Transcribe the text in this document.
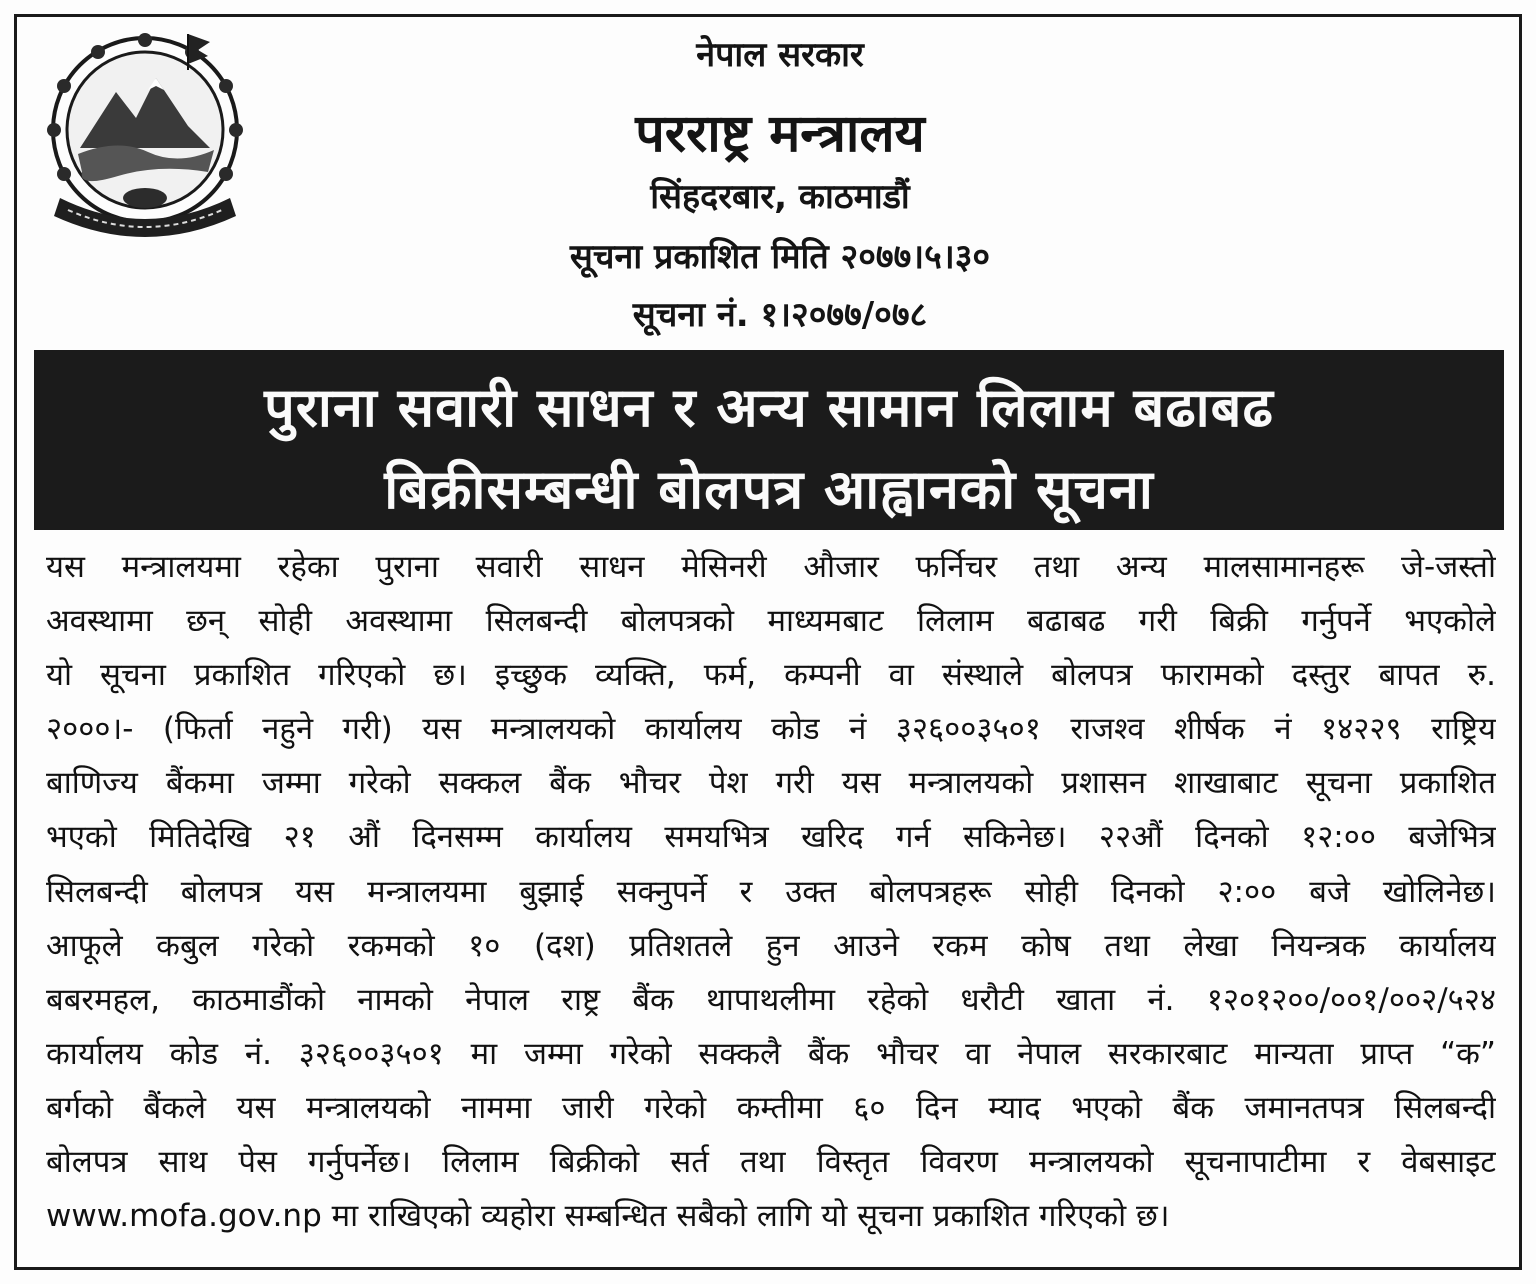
नेपाल सरकार
परराष्ट्र मन्त्रालय
सिंहदरबार, काठमाडौं
सूचना प्रकाशित मिति २०७७।५।३०
सूचना नं. १।२०७७/०७८
पुराना सवारी साधन र अन्य सामान लिलाम बढाबढ
बिक्रीसम्बन्धी बोलपत्र आह्वानको सूचना
यस मन्त्रालयमा रहेका पुराना सवारी साधन मेसिनरी औजार फर्निचर तथा अन्य मालसामानहरू जे-जस्तो
अवस्थामा छन् सोही अवस्थामा सिलबन्दी बोलपत्रको माध्यमबाट लिलाम बढाबढ गरी बिक्री गर्नुपर्ने भएकोले
यो सूचना प्रकाशित गरिएको छ। इच्छुक व्यक्ति, फर्म, कम्पनी वा संस्थाले बोलपत्र फारामको दस्तुर बापत रु.
२०००।- (फिर्ता नहुने गरी) यस मन्त्रालयको कार्यालय कोड नं ३२६००३५०१ राजश्व शीर्षक नं १४२२९ राष्ट्रिय
बाणिज्य बैंकमा जम्मा गरेको सक्कल बैंक भौचर पेश गरी यस मन्त्रालयको प्रशासन शाखाबाट सूचना प्रकाशित
भएको मितिदेखि २१ औं दिनसम्म कार्यालय समयभित्र खरिद गर्न सकिनेछ। २२औं दिनको १२:०० बजेभित्र
सिलबन्दी बोलपत्र यस मन्त्रालयमा बुझाई सक्नुपर्ने र उक्त बोलपत्रहरू सोही दिनको २:०० बजे खोलिनेछ।
आफूले कबुल गरेको रकमको १० (दश) प्रतिशतले हुन आउने रकम कोष तथा लेखा नियन्त्रक कार्यालय
बबरमहल, काठमाडौंको नामको नेपाल राष्ट्र बैंक थापाथलीमा रहेको धरौटी खाता नं. १२०१२००/००१/००२/५२४
कार्यालय कोड नं. ३२६००३५०१ मा जम्मा गरेको सक्कलै बैंक भौचर वा नेपाल सरकारबाट मान्यता प्राप्त “क”
बर्गको बैंकले यस मन्त्रालयको नाममा जारी गरेको कम्तीमा ६० दिन म्याद भएको बैंक जमानतपत्र सिलबन्दी
बोलपत्र साथ पेस गर्नुपर्नेछ। लिलाम बिक्रीको सर्त तथा विस्तृत विवरण मन्त्रालयको सूचनापाटीमा र वेबसाइट
www.mofa.gov.np मा राखिएको व्यहोरा सम्बन्धित सबैको लागि यो सूचना प्रकाशित गरिएको छ।
